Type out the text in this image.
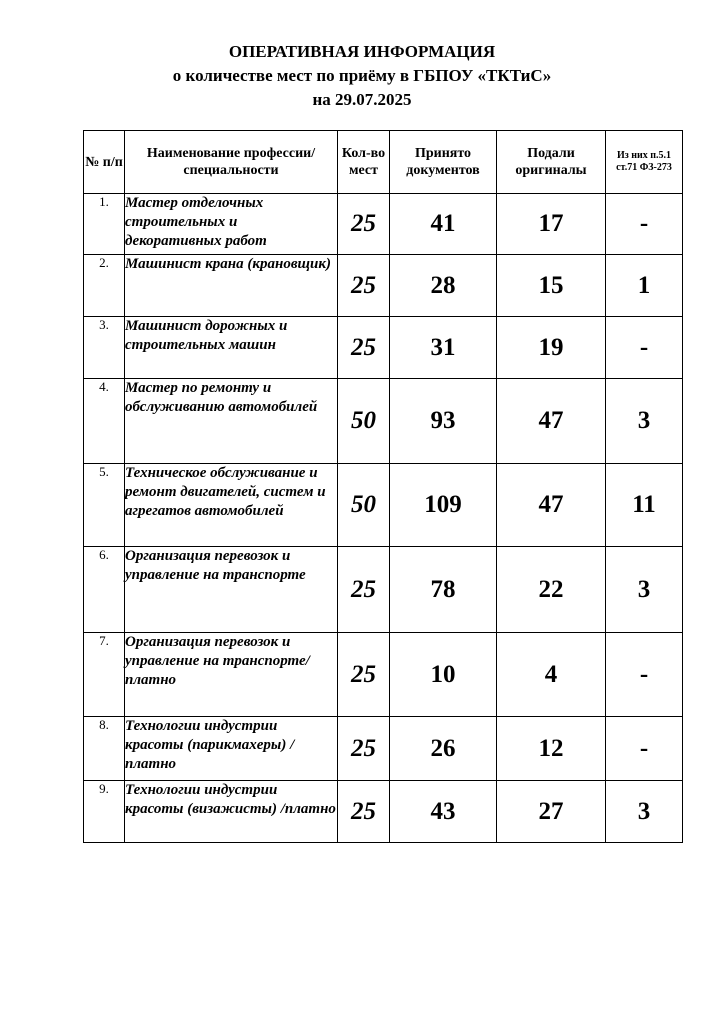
ОПЕРАТИВНАЯ ИНФОРМАЦИЯ
о количестве мест по приёму в ГБПОУ «ТКТиС»
на 29.07.2025
№ п/п	Наименование профессии/специальности	Кол-во мест	Принято документов	Подали оригиналы	Из них п.5.1 ст.71 ФЗ-273
1.	Мастер отделочных строительных и декоративных работ	25	41	17	-
2.	Машинист крана (крановщик)	25	28	15	1
3.	Машинист дорожных и строительных машин	25	31	19	-
4.	Мастер по ремонту и обслуживанию автомобилей	50	93	47	3
5.	Техническое обслуживание и ремонт двигателей, систем и агрегатов автомобилей	50	109	47	11
6.	Организация перевозок и управление на транспорте	25	78	22	3
7.	Организация перевозок и управление на транспорте/платно	25	10	4	-
8.	Технологии индустрии красоты (парикмахеры) /платно	25	26	12	-
9.	Технологии индустрии красоты (визажисты) /платно	25	43	27	3
